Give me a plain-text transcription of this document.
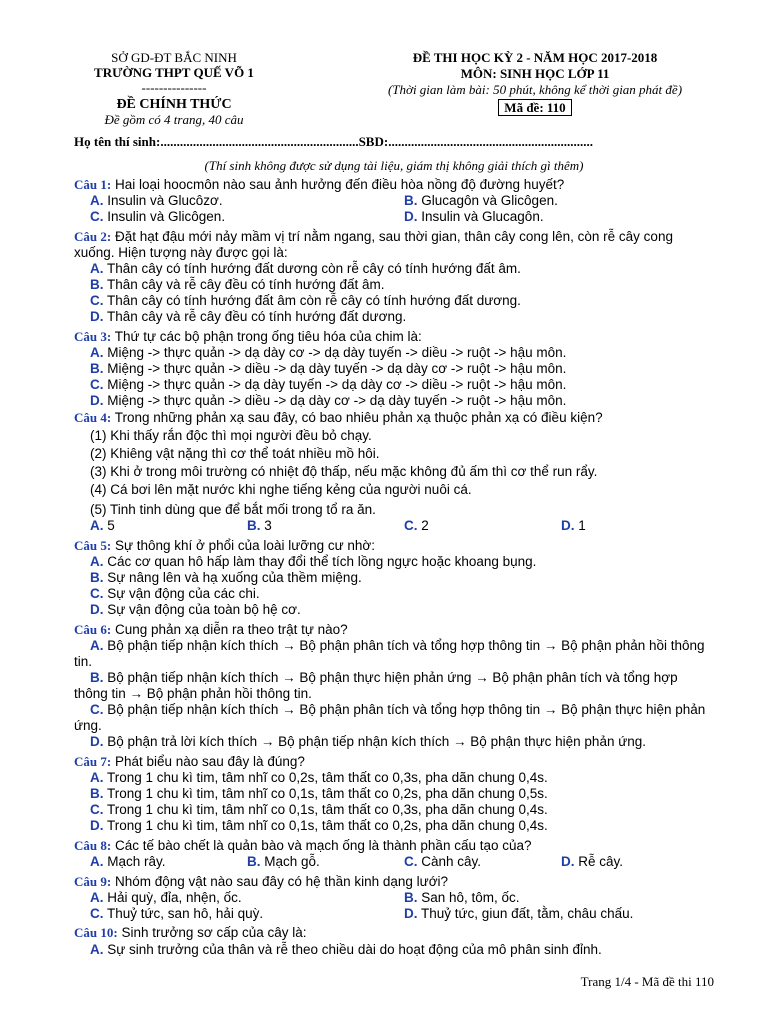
SỞ GD-ĐT BẮC NINH
TRƯỜNG THPT QUẾ VÕ 1
---------------
ĐỀ CHÍNH THỨC
Đề gồm có 4 trang, 40 câu
ĐỀ THI HỌC KỲ 2 - NĂM HỌC 2017-2018
MÔN: SINH HỌC LỚP 11
(Thời gian làm bài: 50 phút, không kể thời gian phát đề)
Mã đề: 110
Họ tên thí sinh:.............................................................SBD:...............................................................
(Thí sinh không được sử dụng tài liệu, giám thị không giải thích gì thêm)
Câu 1: Hai loại hoocmôn nào sau ảnh hưởng đến điều hòa nồng độ đường huyết?
A. Insulin và Glucôzơ.	B. Glucagôn và Glicôgen.
C. Insulin và Glicôgen.	D. Insulin và Glucagôn.
Câu 2: Đặt hạt đậu mới nảy mầm vị trí nằm ngang, sau thời gian, thân cây cong lên, còn rễ cây cong xuống. Hiện tượng này được gọi là:
A. Thân cây có tính hướng đất dương còn rễ cây có tính hướng đất âm.
B. Thân cây và rễ cây đều có tính hướng đất âm.
C. Thân cây có tính hướng đất âm còn rễ cây có tính hướng đất dương.
D. Thân cây và rễ cây đều có tính hướng đất dương.
Câu 3: Thứ tự các bộ phận trong ống tiêu hóa của chim là:
A. Miệng -> thực quản -> dạ dày cơ -> dạ dày tuyến -> diều -> ruột -> hậu môn.
B. Miệng -> thực quản -> diều -> dạ dày tuyến -> dạ dày cơ -> ruột -> hậu môn.
C. Miệng -> thực quản -> dạ dày tuyến -> dạ dày cơ -> diều -> ruột -> hậu môn.
D. Miệng -> thực quản -> diều -> dạ dày cơ -> dạ dày tuyến -> ruột -> hậu môn.
Câu 4: Trong những phản xạ sau đây, có bao nhiêu phản xạ thuộc phản xạ có điều kiện?
(1) Khi thấy rắn độc thì mọi người đều bỏ chạy.
(2) Khiêng vật nặng thì cơ thể toát nhiều mồ hôi.
(3) Khi ở trong môi trường có nhiệt độ thấp, nếu mặc không đủ ấm thì cơ thể run rẩy.
(4) Cá bơi lên mặt nước khi nghe tiếng kẻng của người nuôi cá.
(5) Tinh tinh dùng que để bắt mối trong tổ ra ăn.
A. 5	B. 3	C. 2	D. 1
Câu 5: Sự thông khí ở phổi của loài lưỡng cư nhờ:
A. Các cơ quan hô hấp làm thay đổi thể tích lồng ngực hoặc khoang bụng.
B. Sự nâng lên và hạ xuống của thềm miệng.
C. Sự vận động của các chi.
D. Sự vận động của toàn bộ hệ cơ.
Câu 6: Cung phản xạ diễn ra theo trật tự nào?
A. Bộ phận tiếp nhận kích thích → Bộ phận phân tích và tổng hợp thông tin → Bộ phận phản hồi thông tin.
B. Bộ phận tiếp nhận kích thích → Bộ phận thực hiện phản ứng → Bộ phận phân tích và tổng hợp thông tin → Bộ phận phản hồi thông tin.
C. Bộ phận tiếp nhận kích thích → Bộ phận phân tích và tổng hợp thông tin → Bộ phận thực hiện phản ứng.
D. Bộ phận trả lời kích thích → Bộ phận tiếp nhận kích thích → Bộ phận thực hiện phản ứng.
Câu 7: Phát biểu nào sau đây là đúng?
A. Trong 1 chu kì tim, tâm nhĩ co 0,2s, tâm thất co 0,3s, pha dãn chung 0,4s.
B. Trong 1 chu kì tim, tâm nhĩ co 0,1s, tâm thất co 0,2s, pha dãn chung 0,5s.
C. Trong 1 chu kì tim, tâm nhĩ co 0,1s, tâm thất co 0,3s, pha dãn chung 0,4s.
D. Trong 1 chu kì tim, tâm nhĩ co 0,1s, tâm thất co 0,2s, pha dãn chung 0,4s.
Câu 8: Các tế bào chết là quản bào và mạch ống là thành phần cấu tạo của?
A. Mạch rây.	B. Mạch gỗ.	C. Cành cây.	D. Rễ cây.
Câu 9: Nhóm động vật nào sau đây có hệ thần kinh dạng lưới?
A. Hải quỳ, đỉa, nhện, ốc.	B. San hô, tôm, ốc.
C. Thuỷ tức, san hô, hải quỳ.	D. Thuỷ tức, giun đất, tằm, châu chấu.
Câu 10: Sinh trưởng sơ cấp của cây là:
A. Sự sinh trưởng của thân và rễ theo chiều dài do hoạt động của mô phân sinh đỉnh.
Trang 1/4 - Mã đề thi 110
